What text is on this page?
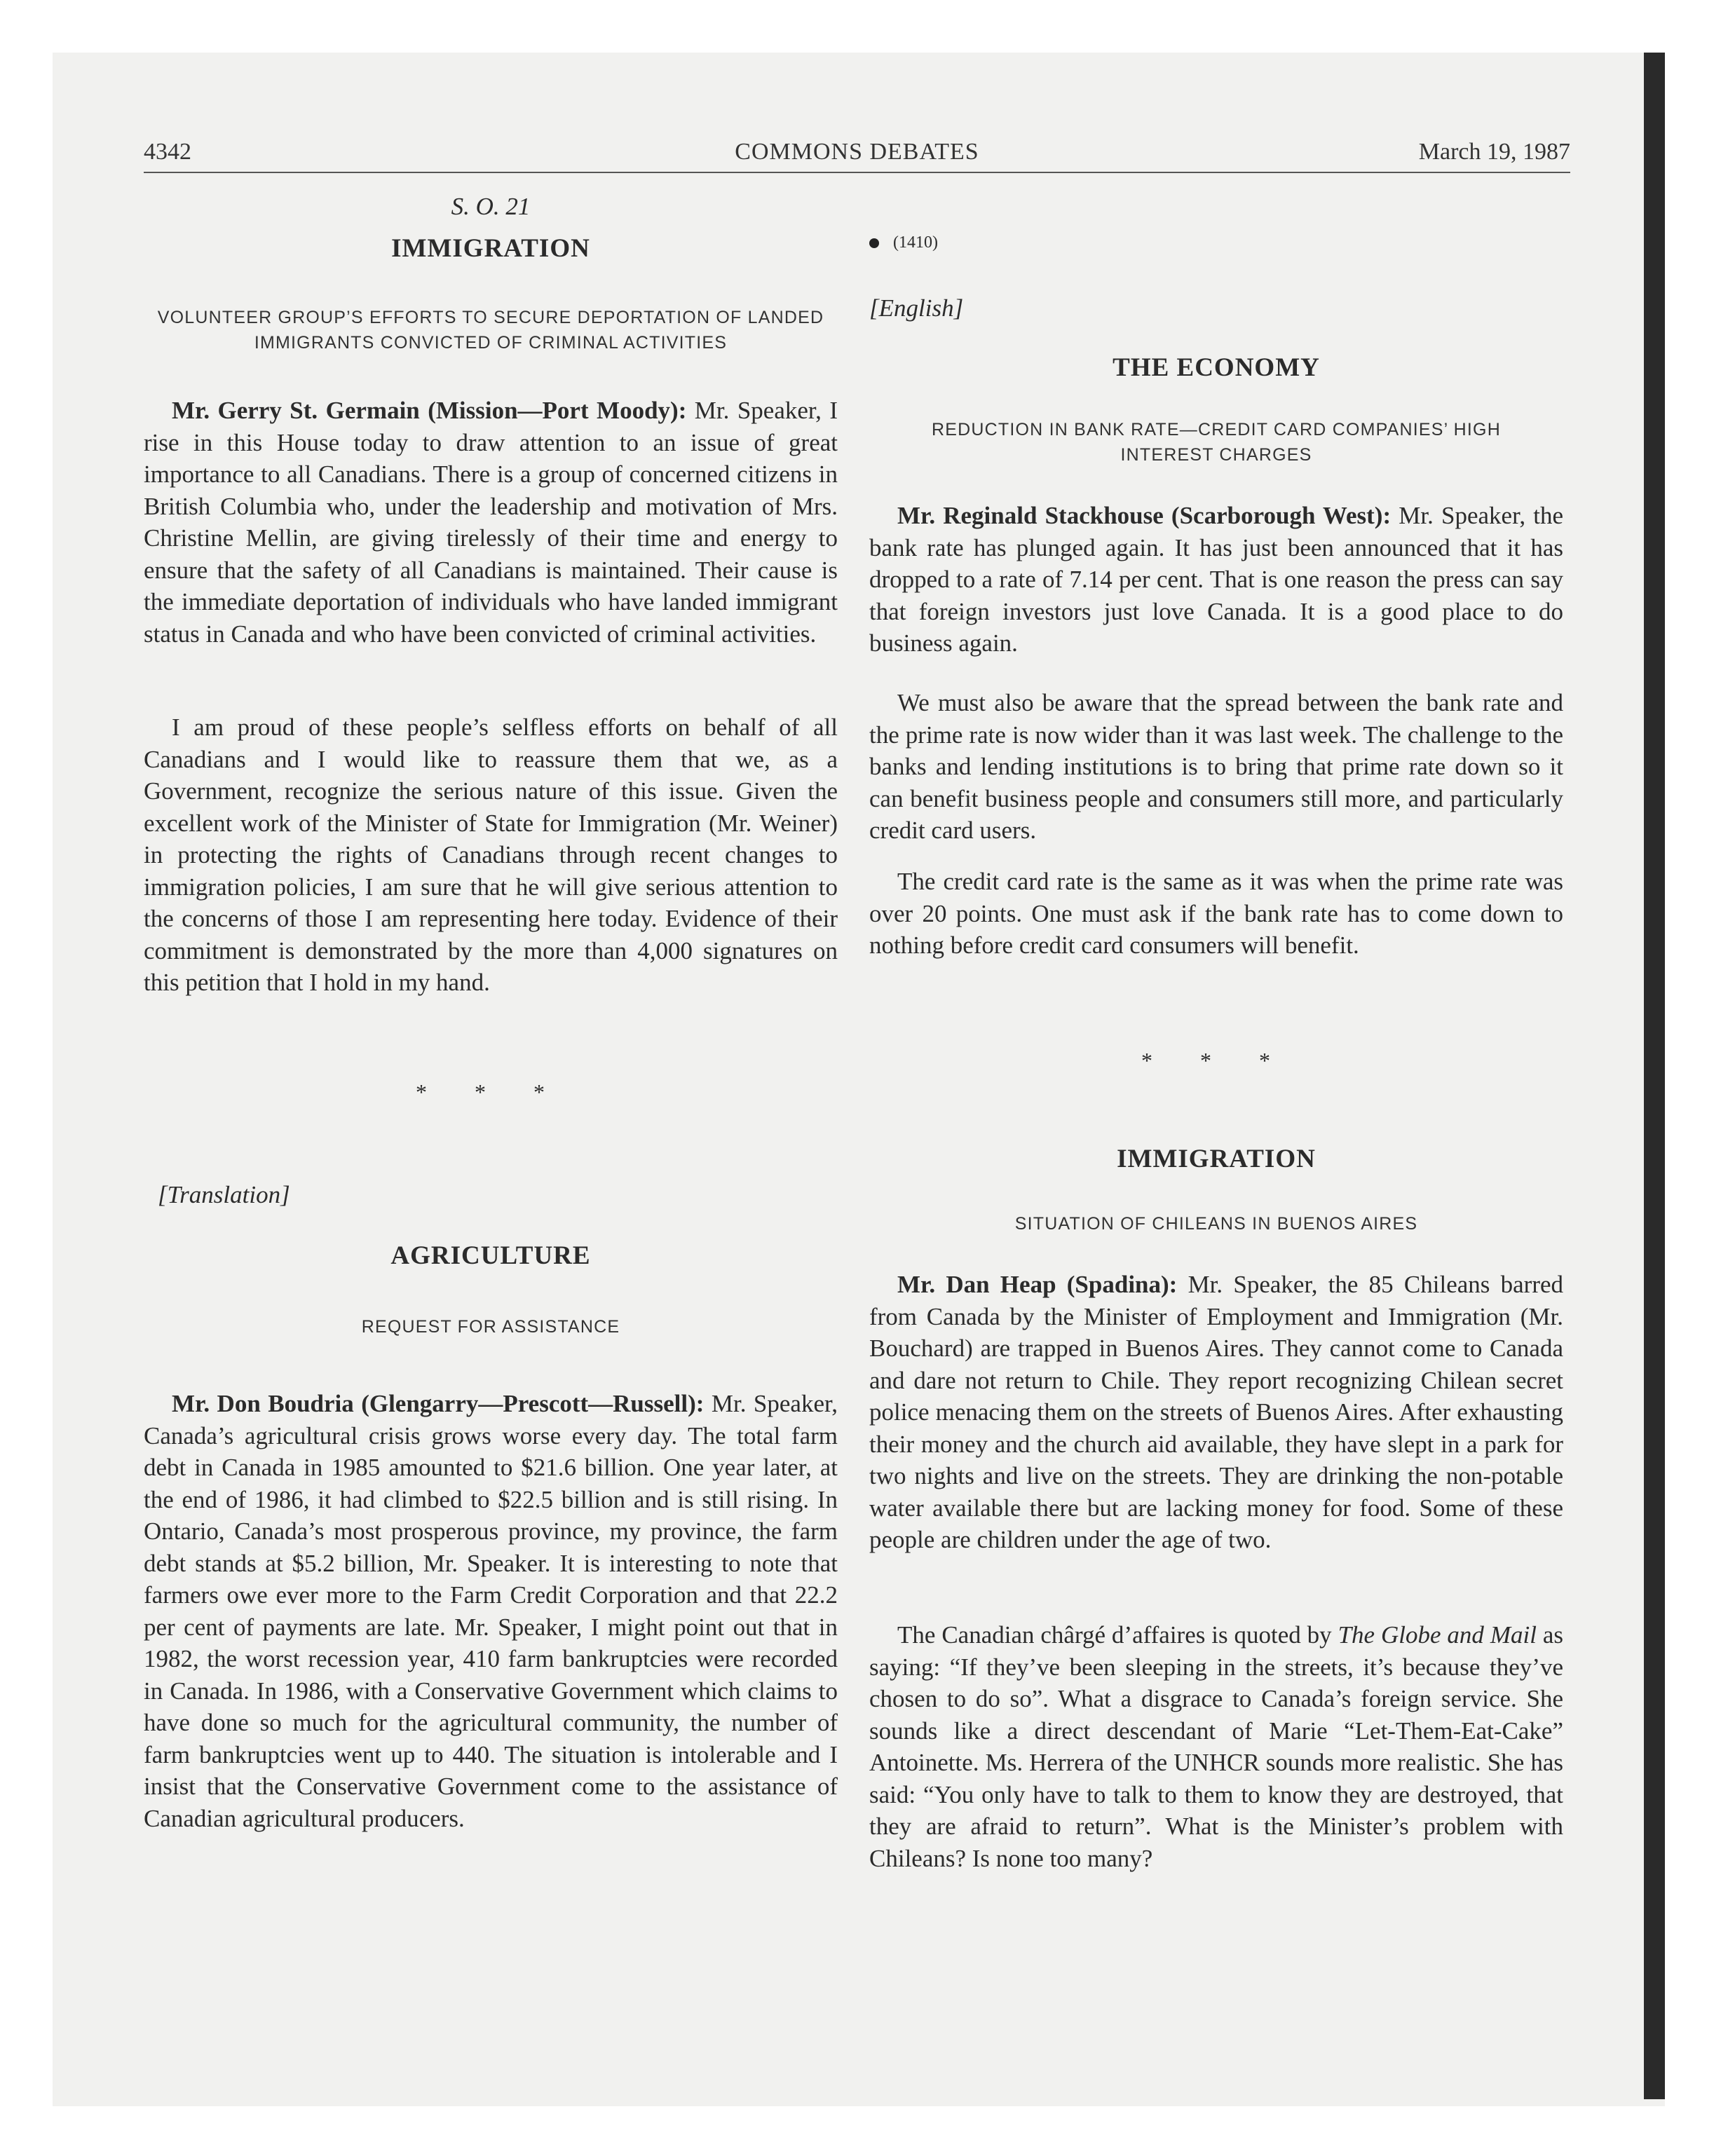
4342	COMMONS DEBATES	March 19, 1987
S. O. 21
IMMIGRATION
VOLUNTEER GROUP’S EFFORTS TO SECURE DEPORTATION OF LANDED IMMIGRANTS CONVICTED OF CRIMINAL ACTIVITIES

Mr. Gerry St. Germain (Mission—Port Moody): Mr. Speaker, I rise in this House today to draw attention to an issue of great importance to all Canadians. There is a group of concerned citizens in British Columbia who, under the leadership and motivation of Mrs. Christine Mellin, are giving tirelessly of their time and energy to ensure that the safety of all Canadians is maintained. Their cause is the immediate deportation of individuals who have landed immigrant status in Canada and who have been convicted of criminal activities.

I am proud of these people’s selfless efforts on behalf of all Canadians and I would like to reassure them that we, as a Government, recognize the serious nature of this issue. Given the excellent work of the Minister of State for Immigration (Mr. Weiner) in protecting the rights of Canadians through recent changes to immigration policies, I am sure that he will give serious attention to the concerns of those I am representing here today. Evidence of their commitment is demonstrated by the more than 4,000 signatures on this petition that I hold in my hand.

* * *
[Translation]
AGRICULTURE
REQUEST FOR ASSISTANCE

Mr. Don Boudria (Glengarry—Prescott—Russell): Mr. Speaker, Canada’s agricultural crisis grows worse every day. The total farm debt in Canada in 1985 amounted to $21.6 billion. One year later, at the end of 1986, it had climbed to $22.5 billion and is still rising. In Ontario, Canada’s most prosperous province, my province, the farm debt stands at $5.2 billion, Mr. Speaker. It is interesting to note that farmers owe ever more to the Farm Credit Corporation and that 22.2 per cent of payments are late. Mr. Speaker, I might point out that in 1982, the worst recession year, 410 farm bankruptcies were recorded in Canada. In 1986, with a Conservative Government which claims to have done so much for the agricultural community, the number of farm bankruptcies went up to 440. The situation is intolerable and I insist that the Conservative Government come to the assistance of Canadian agricultural producers.

(1410)
[English]
THE ECONOMY
REDUCTION IN BANK RATE—CREDIT CARD COMPANIES’ HIGH INTEREST CHARGES

Mr. Reginald Stackhouse (Scarborough West): Mr. Speaker, the bank rate has plunged again. It has just been announced that it has dropped to a rate of 7.14 per cent. That is one reason the press can say that foreign investors just love Canada. It is a good place to do business again.

We must also be aware that the spread between the bank rate and the prime rate is now wider than it was last week. The challenge to the banks and lending institutions is to bring that prime rate down so it can benefit business people and consumers still more, and particularly credit card users.

The credit card rate is the same as it was when the prime rate was over 20 points. One must ask if the bank rate has to come down to nothing before credit card consumers will benefit.

* * *
IMMIGRATION
SITUATION OF CHILEANS IN BUENOS AIRES

Mr. Dan Heap (Spadina): Mr. Speaker, the 85 Chileans barred from Canada by the Minister of Employment and Immigration (Mr. Bouchard) are trapped in Buenos Aires. They cannot come to Canada and dare not return to Chile. They report recognizing Chilean secret police menacing them on the streets of Buenos Aires. After exhausting their money and the church aid available, they have slept in a park for two nights and live on the streets. They are drinking the non-potable water available there but are lacking money for food. Some of these people are children under the age of two.

The Canadian chârgé d’affaires is quoted by The Globe and Mail as saying: “If they’ve been sleeping in the streets, it’s because they’ve chosen to do so”. What a disgrace to Canada’s foreign service. She sounds like a direct descendant of Marie “Let-Them-Eat-Cake” Antoinette. Ms. Herrera of the UNHCR sounds more realistic. She has said: “You only have to talk to them to know they are destroyed, that they are afraid to return”. What is the Minister’s problem with Chileans? Is none too many?
